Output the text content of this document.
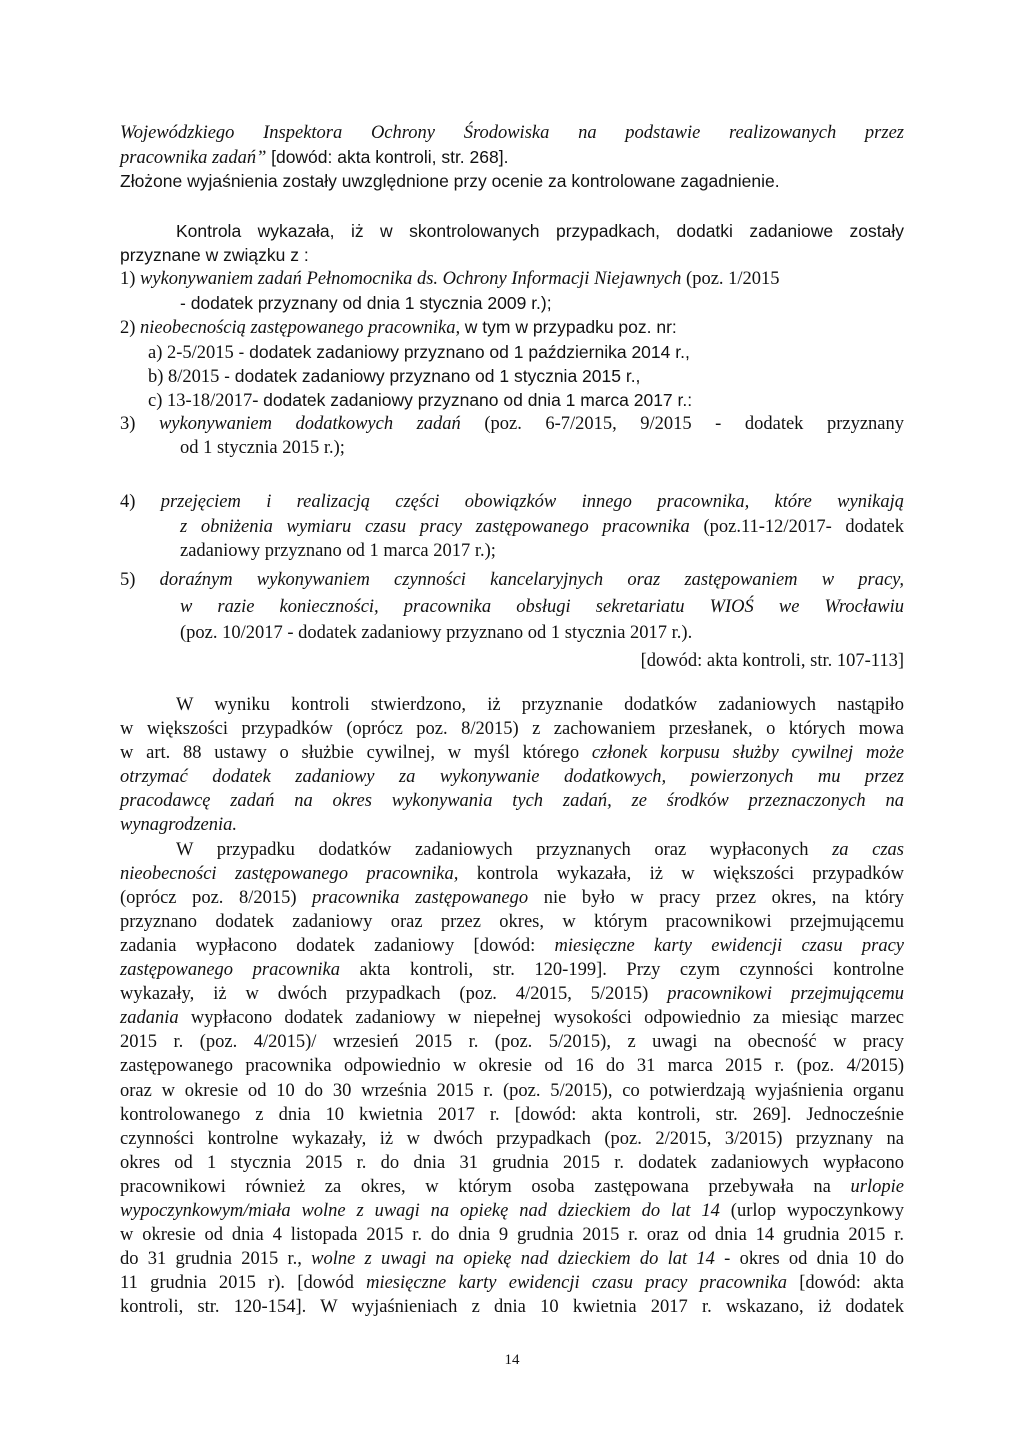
Wojewódzkiego Inspektora Ochrony Środowiska na podstawie realizowanych przez
pracownika zadań” [dowód: akta kontroli, str. 268].
Złożone wyjaśnienia zostały uwzględnione przy ocenie za kontrolowane zagadnienie.
Kontrola wykazała, iż w skontrolowanych przypadkach, dodatki zadaniowe zostały
przyznane w związku z :
1) wykonywaniem zadań Pełnomocnika ds. Ochrony Informacji Niejawnych (poz. 1/2015
- dodatek przyznany od dnia 1 stycznia 2009 r.);
2) nieobecnością zastępowanego pracownika, w tym w przypadku poz. nr:
a) 2-5/2015 - dodatek zadaniowy przyznano od 1 października 2014 r.,
b) 8/2015 - dodatek zadaniowy przyznano od 1 stycznia 2015 r.,
c) 13-18/2017- dodatek zadaniowy przyznano od dnia 1 marca 2017 r.:
3) wykonywaniem dodatkowych zadań (poz. 6-7/2015, 9/2015 - dodatek przyznany
od 1 stycznia 2015 r.);
4) przejęciem i realizacją części obowiązków innego pracownika, które wynikają
z obniżenia wymiaru czasu pracy zastępowanego pracownika (poz.11-12/2017- dodatek
zadaniowy przyznano od 1 marca 2017 r.);
5) doraźnym wykonywaniem czynności kancelaryjnych oraz zastępowaniem w pracy,
w razie konieczności, pracownika obsługi sekretariatu WIOŚ we Wrocławiu
(poz. 10/2017 - dodatek zadaniowy przyznano od 1 stycznia 2017 r.).
[dowód: akta kontroli, str. 107-113]
W wyniku kontroli stwierdzono, iż przyznanie dodatków zadaniowych nastąpiło
w większości przypadków (oprócz poz. 8/2015) z zachowaniem przesłanek, o których mowa
w art. 88 ustawy o służbie cywilnej, w myśl którego członek korpusu służby cywilnej może
otrzymać dodatek zadaniowy za wykonywanie dodatkowych, powierzonych mu przez
pracodawcę zadań na okres wykonywania tych zadań, ze środków przeznaczonych na
wynagrodzenia.
W przypadku dodatków zadaniowych przyznanych oraz wypłaconych za czas
nieobecności zastępowanego pracownika, kontrola wykazała, iż w większości przypadków
(oprócz poz. 8/2015) pracownika zastępowanego nie było w pracy przez okres, na który
przyznano dodatek zadaniowy oraz przez okres, w którym pracownikowi przejmującemu
zadania wypłacono dodatek zadaniowy [dowód: miesięczne karty ewidencji czasu pracy
zastępowanego pracownika akta kontroli, str. 120-199]. Przy czym czynności kontrolne
wykazały, iż w dwóch przypadkach (poz. 4/2015, 5/2015) pracownikowi przejmującemu
zadania wypłacono dodatek zadaniowy w niepełnej wysokości odpowiednio za miesiąc marzec
2015 r. (poz. 4/2015)/ wrzesień 2015 r. (poz. 5/2015), z uwagi na obecność w pracy
zastępowanego pracownika odpowiednio w okresie od 16 do 31 marca 2015 r. (poz. 4/2015)
oraz w okresie od 10 do 30 września 2015 r. (poz. 5/2015), co potwierdzają wyjaśnienia organu
kontrolowanego z dnia 10 kwietnia 2017 r. [dowód: akta kontroli, str. 269]. Jednocześnie
czynności kontrolne wykazały, iż w dwóch przypadkach (poz. 2/2015, 3/2015) przyznany na
okres od 1 stycznia 2015 r. do dnia 31 grudnia 2015 r. dodatek zadaniowych wypłacono
pracownikowi również za okres, w którym osoba zastępowana przebywała na urlopie
wypoczynkowym/miała wolne z uwagi na opiekę nad dzieckiem do lat 14 (urlop wypoczynkowy
w okresie od dnia 4 listopada 2015 r. do dnia 9 grudnia 2015 r. oraz od dnia 14 grudnia 2015 r.
do 31 grudnia 2015 r., wolne z uwagi na opiekę nad dzieckiem do lat 14 - okres od dnia 10 do
11 grudnia 2015 r). [dowód miesięczne karty ewidencji czasu pracy pracownika [dowód: akta
kontroli, str. 120-154]. W wyjaśnieniach z dnia 10 kwietnia 2017 r. wskazano, iż dodatek
14
